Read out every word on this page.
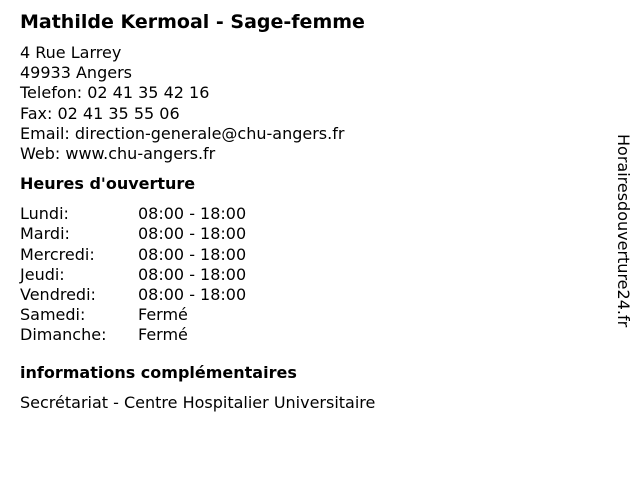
Mathilde Kermoal - Sage-femme
4 Rue Larrey
49933 Angers
Telefon: 02 41 35 42 16
Fax: 02 41 35 55 06
Email: direction-generale@chu-angers.fr
Web: www.chu-angers.fr
Heures d'ouverture
Lundi:	08:00 - 18:00
Mardi:	08:00 - 18:00
Mercredi:	08:00 - 18:00
Jeudi:	08:00 - 18:00
Vendredi:	08:00 - 18:00
Samedi:	Fermé
Dimanche:	Fermé
informations complémentaires
Secrétariat - Centre Hospitalier Universitaire
Horairesdouverture24.fr
